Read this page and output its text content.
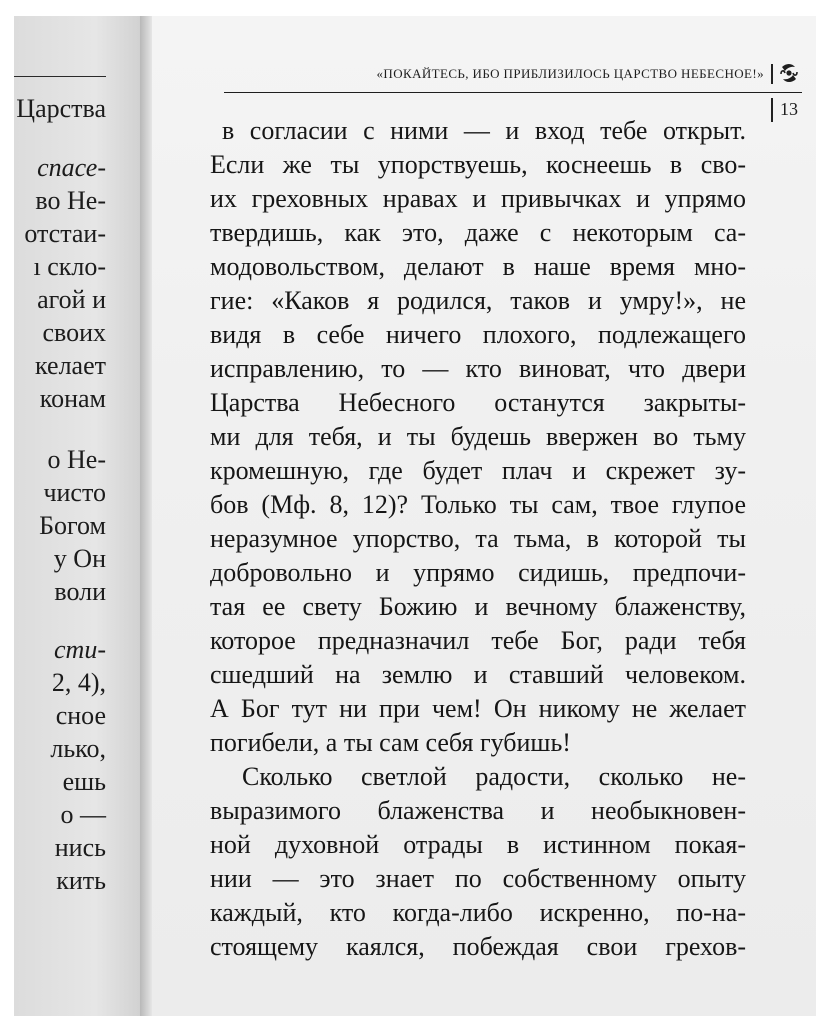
Царства
спасе-
во Не-
отстаи-
ı склo-
агой и
своих
келает
конам
о Не-
чисто
Богом
у Он
воли
сти-
2, 4),
сное
лько,
ешь
о —
нись
кить
«ПОКАЙТЕСЬ, ИБО ПРИБЛИЗИЛОСЬ ЦАРСТВО НЕБЕСНОЕ!»
13
в согласии с ними — и вход тебе открыт.
Если же ты упорствуешь, коснеешь в сво-
их греховных нравах и привычках и упрямо
твердишь, как это, даже с некоторым са-
модовольством, делают в наше время мно-
гие: «Каков я родился, таков и умру!», не
видя в себе ничего плохого, подлежащего
исправлению, то — кто виноват, что двери
Царства Небесного останутся закрыты-
ми для тебя, и ты будешь ввержен во тьму
кромешную, где будет плач и скрежет зу-
бов (Мф. 8, 12)? Только ты сам, твое глупое
неразумное упорство, та тьма, в которой ты
добровольно и упрямо сидишь, предпочи-
тая ее свету Божию и вечному блаженству,
которое предназначил тебе Бог, ради тебя
сшедший на землю и ставший человеком.
А Бог тут ни при чем! Он никому не желает
погибели, а ты сам себя губишь!
Сколько светлой радости, сколько не-
выразимого блаженства и необыкновен-
ной духовной отрады в истинном покая-
нии — это знает по собственному опыту
каждый, кто когда-либо искренно, по-на-
стоящему каялся, побеждая свои грехов-
